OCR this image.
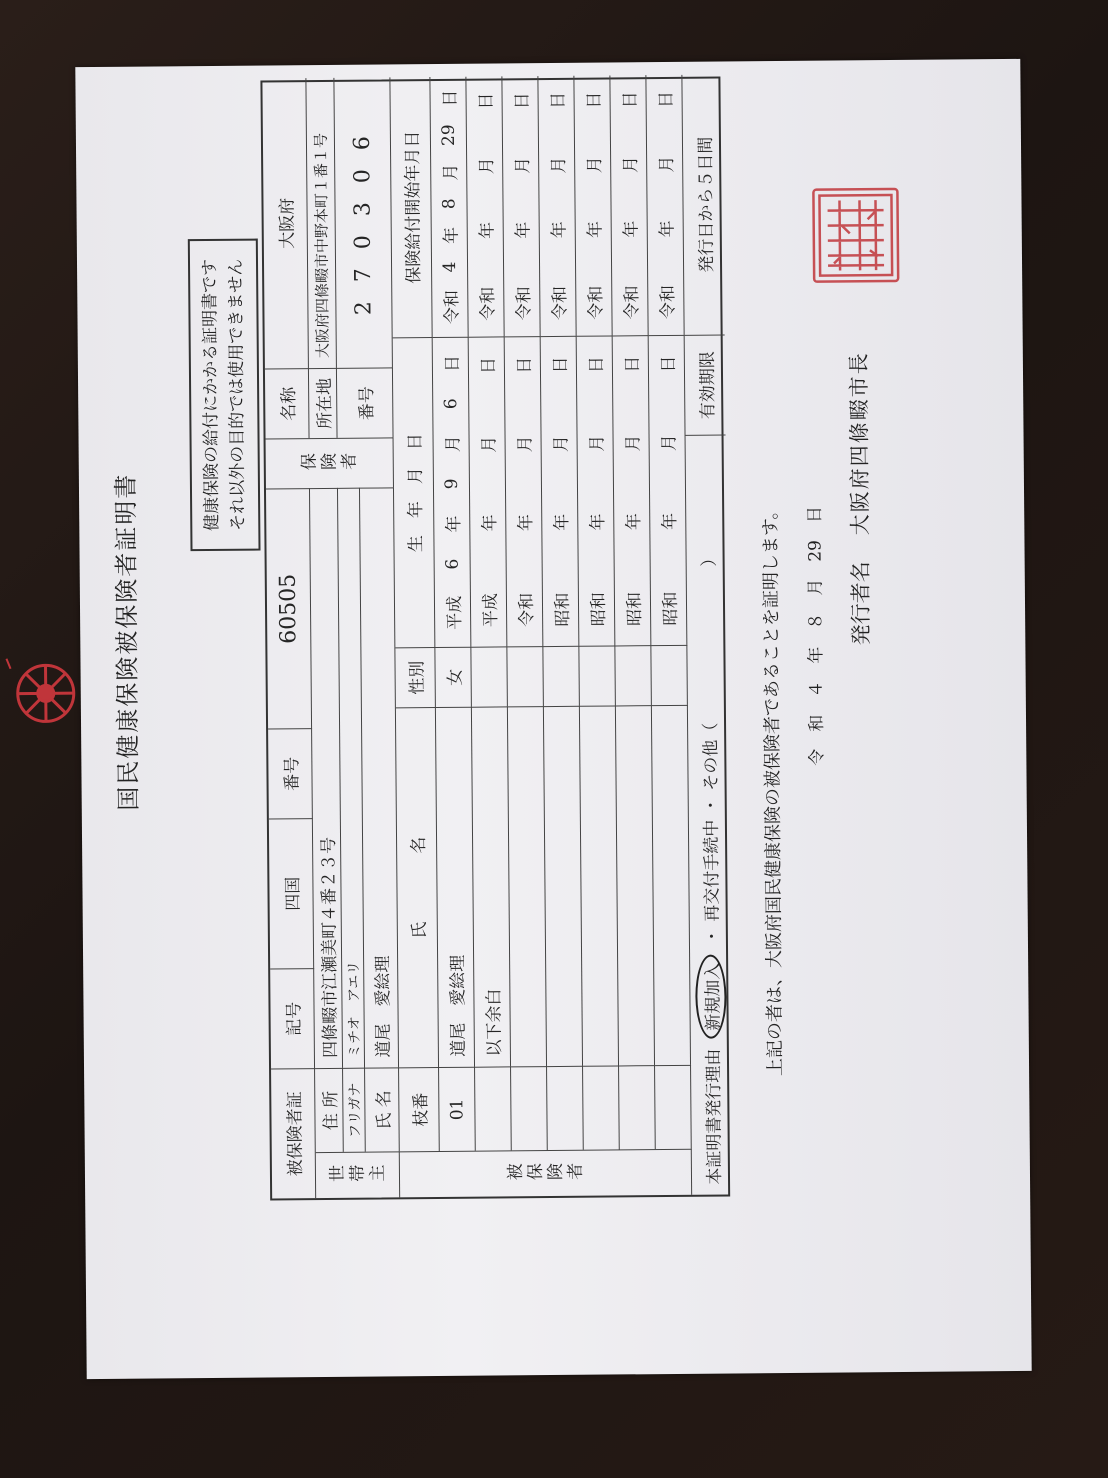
国民健康保険被保険者証明書
健康保険の給付にかかる証明書です それ以外の目的では使用できません
被保険者証
記号
四国
番号
60505
世帯主
住 所
四條畷市江瀬美町４番２３号
フリガナ
ミチオ　アエリ
氏 名
道尾　愛絵理
保険者
名称
大阪府
所在地
大阪府四條畷市中野本町１番１号
番号
2 7 0 3 0 6
被保険者
枝番
氏　　　　名
性別
生　年　月　日
保険給付開始年月日
01
道尾　愛絵理
女
平成
6
年
9
月
6
日
令和
4
年
8
月
29
日
以下余白
平成
年
月
日
令和
年
月
日
令和
年
月
日
令和
年
月
日
昭和
年
月
日
令和
年
月
日
昭和
年
月
日
令和
年
月
日
昭和
年
月
日
令和
年
月
日
昭和
年
月
日
令和
年
月
日
本証明書発行理由
新規加入
・
再交付手続中
・
その他（
）
有効期限
発行日から５日間
上記の者は、大阪府国民健康保険の被保険者であることを証明します。 令　和　４　年　８　月　29　日 発行者名
大阪府四條畷市長
